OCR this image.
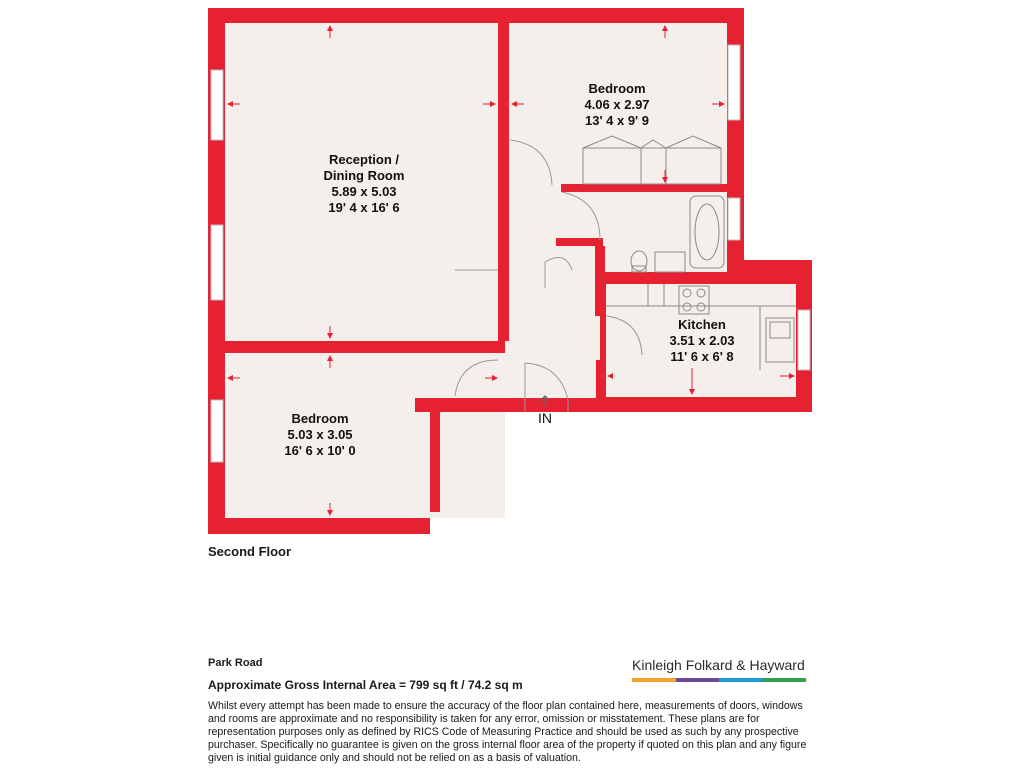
Reception / Dining Room
5.89 x 5.03
19' 4 x 16' 6
Bedroom
4.06 x 2.97
13' 4 x 9' 9
Kitchen
3.51 x 2.03
11' 6 x 6' 8
Bedroom
5.03 x 3.05
16' 6 x 10' 0
IN
Second Floor
Park Road
Approximate Gross Internal Area = 799 sq ft / 74.2 sq m
Whilst every attempt has been made to ensure the accuracy of the floor plan contained here, measurements of doors, windows and rooms are approximate and no responsibility is taken for any error, omission or misstatement. These plans are for representation purposes only as defined by RICS Code of Measuring Practice and should be used as such by any prospective purchaser. Specifically no guarantee is given on the gross internal floor area of the property if quoted on this plan and any figure given is initial guidance only and should not be relied on as a basis of valuation.
Kinleigh Folkard & Hayward
